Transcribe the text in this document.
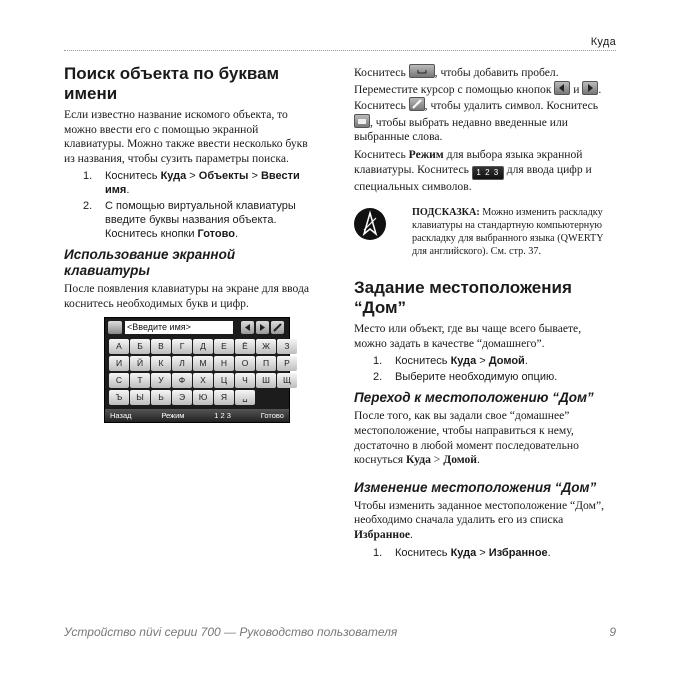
Куда
Поиск объекта по буквам имени

Если известно название искомого объекта, то можно ввести его с помощью экранной клавиатуры. Можно также ввести несколько букв из названия, чтобы сузить параметры поиска.

1. Коснитесь Куда > Объекты > Ввести имя.
2. С помощью виртуальной клавиатуры введите буквы названия объекта. Коснитесь кнопки Готово.
Использование экранной клавиатуры

После появления клавиатуры на экране для ввода коснитесь необходимых букв и цифр.

<Введите имя>
А	Б	В	Г	Д	Е	Ё	Ж	З
И	Й	К	Л	М	Н	О	П	Р
С	Т	У	Ф	Х	Ц	Ч	Ш	Щ
Ъ	Ы	Ь	Э	Ю	Я	␣
Назад	Режим	1 2 3	Готово

Коснитесь
, чтобы добавить пробел. Переместите курсор с помощью кнопок
и
. Коснитесь
, чтобы удалить символ. Коснитесь
, чтобы выбрать недавно введенные или выбранные слова.

Коснитесь Режим для выбора языка экранной клавиатуры. Коснитесь 1 2 3 для ввода цифр и специальных символов.

ПОДСКАЗКА: Можно изменить раскладку клавиатуры на стандартную компьютерную раскладку для выбранного языка (QWERTY для английского). См. стр. 37.
Задание местоположения “Дом”

Место или объект, где вы чаще всего бываете, можно задать в качестве “домашнего”.

1. Коснитесь Куда > Домой.
2. Выберите необходимую опцию.
Переход к местоположению “Дом”

После того, как вы задали свое “домашнее” местоположение, чтобы направиться к нему, достаточно в любой момент последовательно коснуться Куда > Домой.

Изменение местоположения “Дом”

Чтобы изменить заданное местоположение “Дом”, необходимо сначала удалить его из списка Избранное.

1. Коснитесь Куда > Избранное.
Устройство nüvi серии 700 — Руководство пользователя	9
